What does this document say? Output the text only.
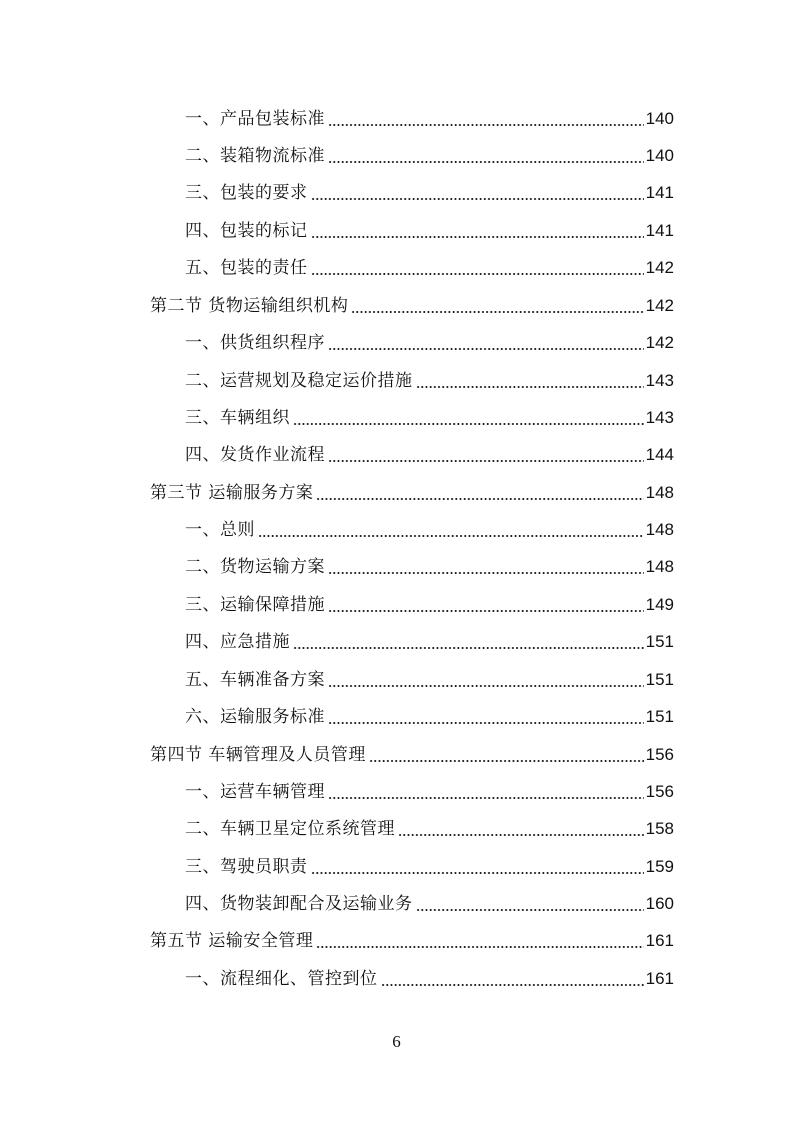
一、产品包装标准	140
二、装箱物流标准	140
三、包装的要求	141
四、包装的标记	141
五、包装的责任	142
第二节 货物运输组织机构	142
一、供货组织程序	142
二、运营规划及稳定运价措施	143
三、车辆组织	143
四、发货作业流程	144
第三节 运输服务方案	148
一、总则	148
二、货物运输方案	148
三、运输保障措施	149
四、应急措施	151
五、车辆准备方案	151
六、运输服务标准	151
第四节 车辆管理及人员管理	156
一、运营车辆管理	156
二、车辆卫星定位系统管理	158
三、驾驶员职责	159
四、货物装卸配合及运输业务	160
第五节 运输安全管理	161
一、流程细化、管控到位	161
6
